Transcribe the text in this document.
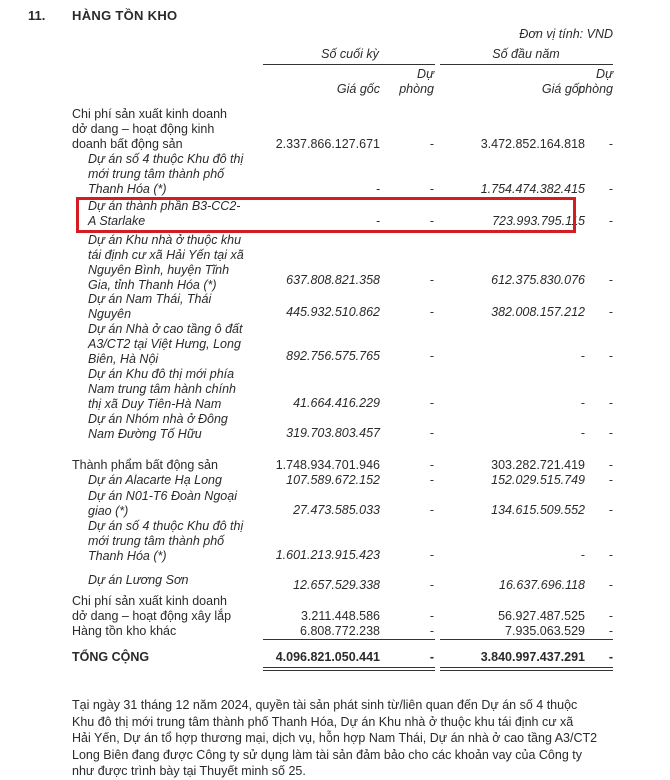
11. HÀNG TỒN KHO
Đơn vị tính: VND
Số cuối kỳ	Số đầu năm
Giá gốc
Dự
phòng	Giá gốc
Dự
phòng
Chi phí sản xuất kinh doanh
dở dang – hoạt động kinh
doanh bất động sản	2.337.866.127.671	-	3.472.852.164.818 -
Dự án số 4 thuộc Khu đô thị
mới trung tâm thành phố
Thanh Hóa (*)	-	-	1.754.474.382.415 -
Dự án thành phần B3-CC2-
A Starlake	-	-	723.993.795.115 -
Dự án Khu nhà ở thuộc khu
tái định cư xã Hải Yến tại xã
Nguyên Bình, huyện Tĩnh
Gia, tỉnh Thanh Hóa (*)	637.808.821.358	-	612.375.830.076 -
Dự án Nam Thái, Thái
Nguyên	445.932.510.862	-	382.008.157.212 -
Dự án Nhà ở cao tầng ô đất
A3/CT2 tại Việt Hưng, Long
Biên, Hà Nội	892.756.575.765	-	- -
Dự án Khu đô thị mới phía
Nam trung tâm hành chính
thị xã Duy Tiên-Hà Nam	41.664.416.229	-	- -
Dự án Nhóm nhà ở Đông
Nam Đường Tố Hữu	319.703.803.457	-	- -
Thành phẩm bất động sản	1.748.934.701.946	-	303.282.721.419 -
Dự án Alacarte Hạ Long	107.589.672.152	-	152.029.515.749 -
Dự án N01-T6 Đoàn Ngoại
giao (*)	27.473.585.033	-	134.615.509.552 -
Dự án số 4 thuộc Khu đô thị
mới trung tâm thành phố
Thanh Hóa (*)	1.601.213.915.423	-	- -
Dự án Lương Sơn	12.657.529.338	-	16.637.696.118 -
Chi phí sản xuất kinh doanh
dở dang – hoạt động xây lắp	3.211.448.586	-	56.927.487.525 -
Hàng tồn kho khác	6.808.772.238	-	7.935.063.529 -
TỔNG CỘNG	4.096.821.050.441	-	3.840.997.437.291 -
Tại ngày 31 tháng 12 năm 2024, quyền tài sản phát sinh từ/liên quan đến Dự án số 4 thuộc
Khu đô thị mới trung tâm thành phố Thanh Hóa, Dự án Khu nhà ở thuộc khu tái định cư xã
Hải Yến, Dự án tổ hợp thương mại, dịch vụ, hỗn hợp Nam Thái, Dự án nhà ở cao tầng A3/CT2
Long Biên đang được Công ty sử dụng làm tài sản đảm bảo cho các khoản vay của Công ty
như được trình bày tại Thuyết minh số 25.
